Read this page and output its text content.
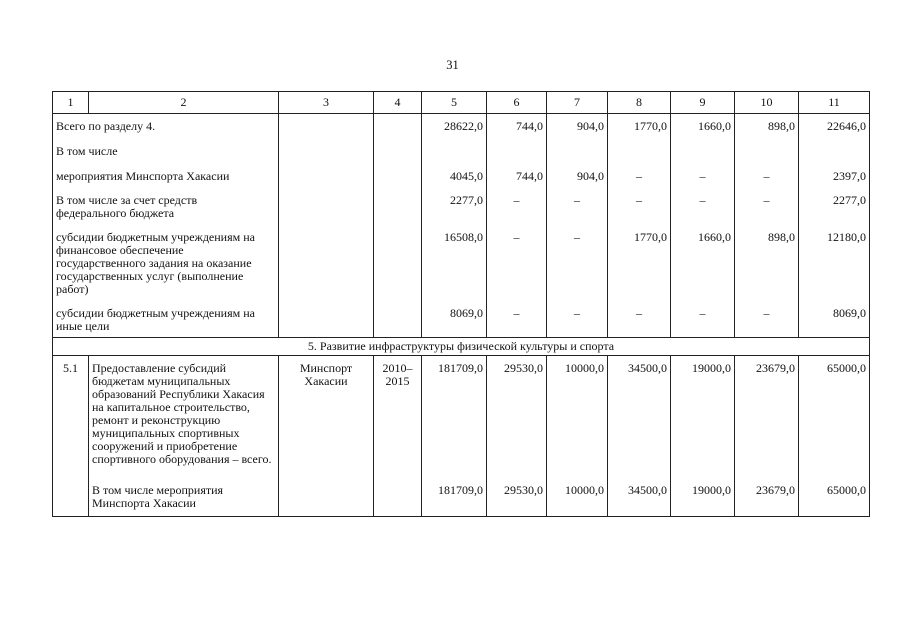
31
1	2	3	4	5	6	7	8	9	10	11
Всего по разделу 4.				28622,0	744,0	904,0	1770,0	1660,0	898,0	22646,0
В том числе										
мероприятия Минспорта Хакасии				4045,0	744,0	904,0	–	–	–	2397,0
В том числе за счет средств федерального бюджета				2277,0	–	–	–	–	–	2277,0
субсидии бюджетным учреждениям на финансовое обеспечение государственного задания на оказание государственных услуг (выполнение работ)				16508,0	–	–	1770,0	1660,0	898,0	12180,0
субсидии бюджетным учреждениям на иные цели				8069,0	–	–	–	–	–	8069,0
5. Развитие инфраструктуры физической культуры и спорта										
5.1	Предоставление субсидий бюджетам муниципальных образований Республики Хакасия на капитальное строительство, ремонт и реконструкцию муниципальных спортивных сооружений и приобретение спортивного оборудования – всего.	Минспорт Хакасии	2010–2015	181709,0	29530,0	10000,0	34500,0	19000,0	23679,0	65000,0
	В том числе мероприятия Минспорта Хакасии			181709,0	29530,0	10000,0	34500,0	19000,0	23679,0	65000,0
